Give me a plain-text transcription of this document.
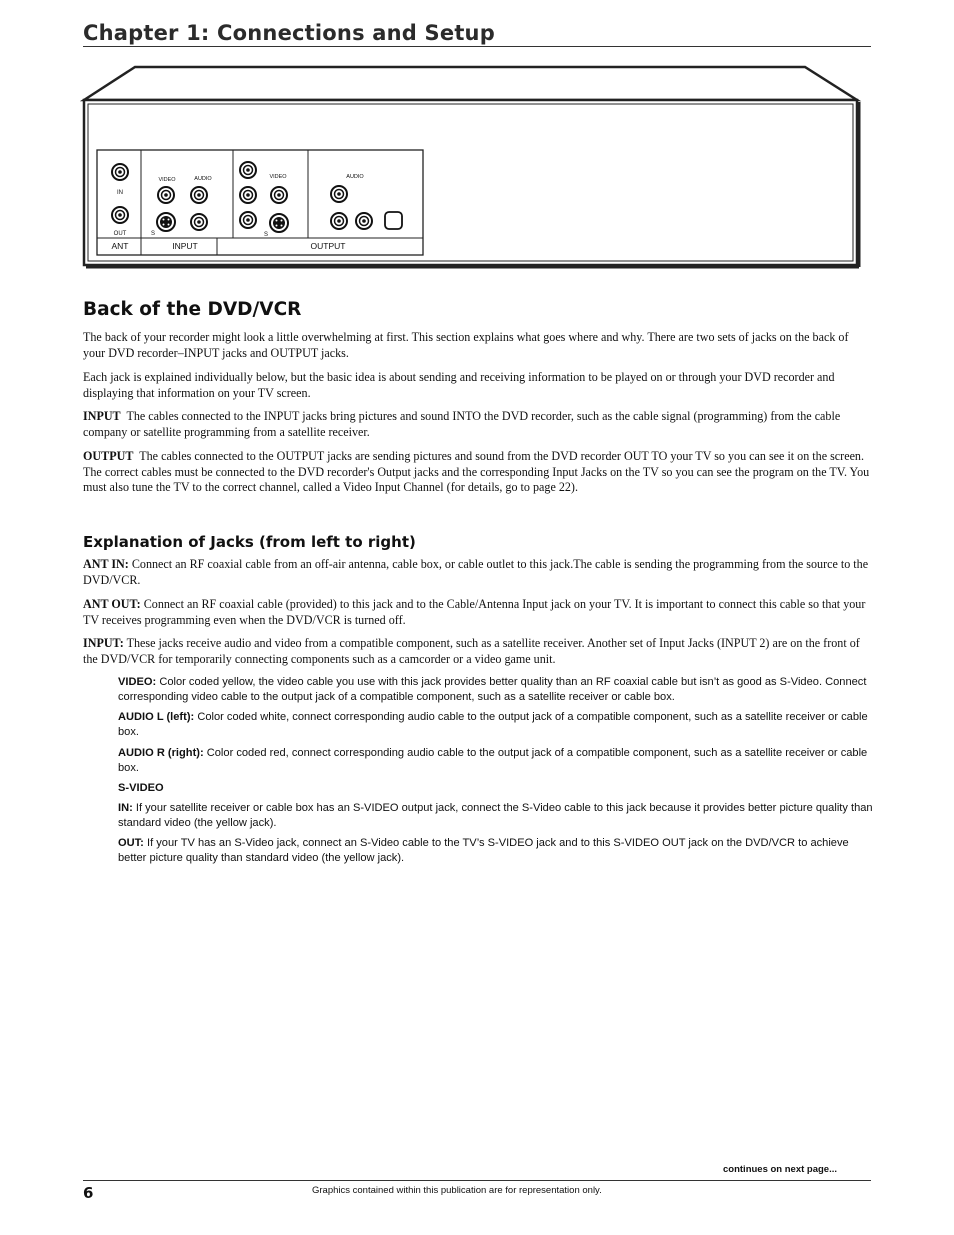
Chapter 1: Connections and Setup
IN
OUT
VIDEO	AUDIO
S
VIDEO	AUDIO
S
ANT	INPUT	OUTPUT
Back of the DVD/VCR

The back of your recorder might look a little overwhelming at first. This section explains what goes where and why. There are two sets of jacks on the back of your DVD recorder–INPUT jacks and OUTPUT jacks.

Each jack is explained individually below, but the basic idea is about sending and receiving information to be played on or through your DVD recorder and displaying that information on your TV screen.

INPUT The cables connected to the INPUT jacks bring pictures and sound INTO the DVD recorder, such as the cable signal (programming) from the cable company or satellite programming from a satellite receiver.

OUTPUT The cables connected to the OUTPUT jacks are sending pictures and sound from the DVD recorder OUT TO your TV so you can see it on the screen. The correct cables must be connected to the DVD recorder's Output jacks and the corresponding Input Jacks on the TV so you can see the program on the TV. You must also tune the TV to the correct channel, called a Video Input Channel (for details, go to page 22).

Explanation of Jacks (from left to right)

ANT IN: Connect an RF coaxial cable from an off-air antenna, cable box, or cable outlet to this jack.The cable is sending the programming from the source to the DVD/VCR.

ANT OUT: Connect an RF coaxial cable (provided) to this jack and to the Cable/Antenna Input jack on your TV. It is important to connect this cable so that your TV receives programming even when the DVD/VCR is turned off.

INPUT: These jacks receive audio and video from a compatible component, such as a satellite receiver. Another set of Input Jacks (INPUT 2) are on the front of the DVD/VCR for temporarily connecting components such as a camcorder or a video game unit.

VIDEO: Color coded yellow, the video cable you use with this jack provides better quality than an RF coaxial cable but isn’t as good as S-Video. Connect corresponding video cable to the output jack of a compatible component, such as a satellite receiver or cable box.

AUDIO L (left): Color coded white, connect corresponding audio cable to the output jack of a compatible component, such as a satellite receiver or cable box.

AUDIO R (right): Color coded red, connect corresponding audio cable to the output jack of a compatible component, such as a satellite receiver or cable box.

S-VIDEO

IN: If your satellite receiver or cable box has an S-VIDEO output jack, connect the S-Video cable to this jack because it provides better picture quality than standard video (the yellow jack).

OUT: If your TV has an S-Video jack, connect an S-Video cable to the TV’s S-VIDEO jack and to this S-VIDEO OUT jack on the DVD/VCR to achieve better picture quality than standard video (the yellow jack).

continues on next page...
6	Graphics contained within this publication are for representation only.
